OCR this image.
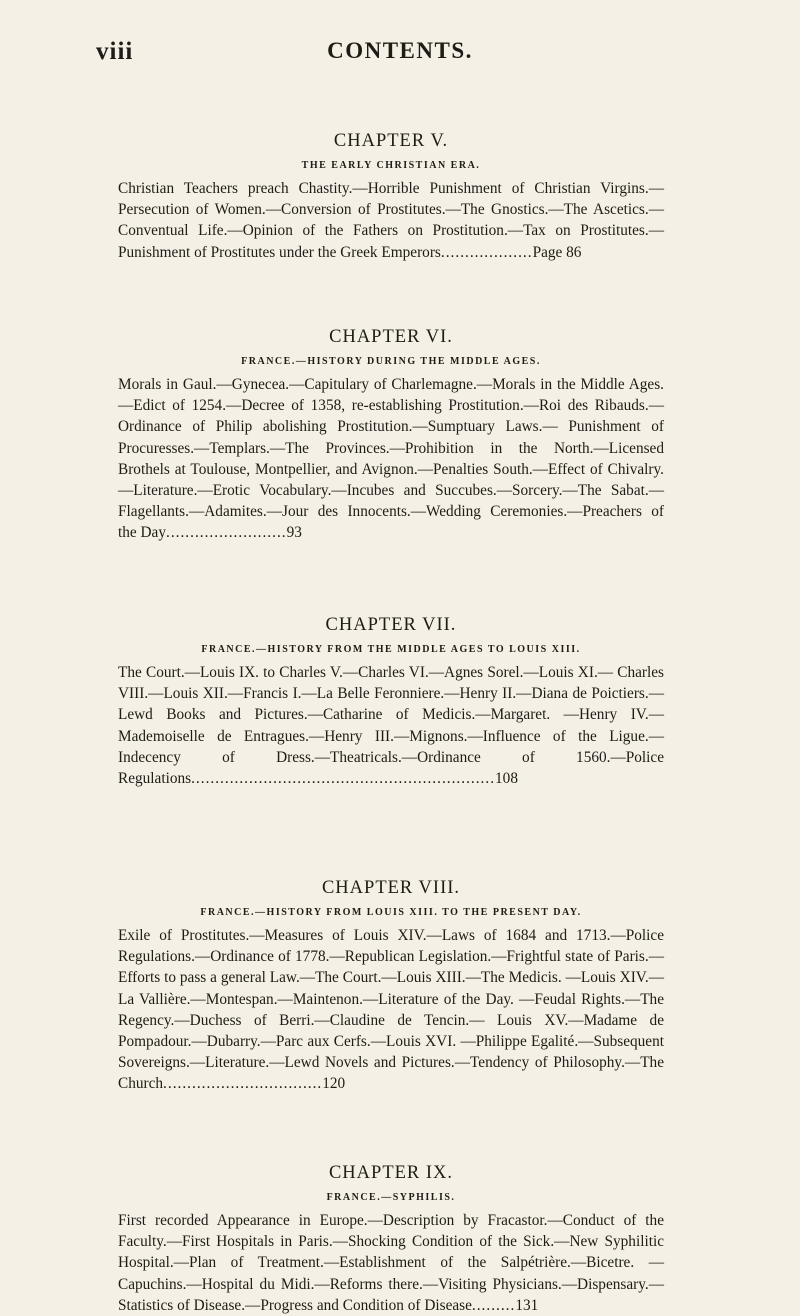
viii	CONTENTS.

CHAPTER V.

THE EARLY CHRISTIAN ERA.

Christian Teachers preach Chastity.—Horrible Punishment of Christian Virgins.— Persecution of Women.—Conversion of Prostitutes.—The Gnostics.—The Ascetics.—Conventual Life.—Opinion of the Fathers on Prostitution.—Tax on Prostitutes.—Punishment of Prostitutes under the Greek Emperors...................Page 86

CHAPTER VI.

FRANCE.—HISTORY DURING THE MIDDLE AGES.

Morals in Gaul.—Gynecea.—Capitulary of Charlemagne.—Morals in the Middle Ages.—Edict of 1254.—Decree of 1358, re-establishing Prostitution.—Roi des Ribauds.—Ordinance of Philip abolishing Prostitution.—Sumptuary Laws.— Punishment of Procuresses.—Templars.—The Provinces.—Prohibition in the North.—Licensed Brothels at Toulouse, Montpellier, and Avignon.—Penalties South.—Effect of Chivalry.—Literature.—Erotic Vocabulary.—Incubes and Succubes.—Sorcery.—The Sabat.—Flagellants.—Adamites.—Jour des Innocents.—Wedding Ceremonies.—Preachers of the Day.........................93

CHAPTER VII.

FRANCE.—HISTORY FROM THE MIDDLE AGES TO LOUIS XIII.

The Court.—Louis IX. to Charles V.—Charles VI.—Agnes Sorel.—Louis XI.— Charles VIII.—Louis XII.—Francis I.—La Belle Feronniere.—Henry II.—Diana de Poictiers.—Lewd Books and Pictures.—Catharine of Medicis.—Margaret. —Henry IV.—Mademoiselle de Entragues.—Henry III.—Mignons.—Influence of the Ligue.—Indecency of Dress.—Theatricals.—Ordinance of 1560.—Police Regulations...............................................................108

CHAPTER VIII.

FRANCE.—HISTORY FROM LOUIS XIII. TO THE PRESENT DAY.

Exile of Prostitutes.—Measures of Louis XIV.—Laws of 1684 and 1713.—Police Regulations.—Ordinance of 1778.—Republican Legislation.—Frightful state of Paris.—Efforts to pass a general Law.—The Court.—Louis XIII.—The Medicis. —Louis XIV.—La Vallière.—Montespan.—Maintenon.—Literature of the Day. —Feudal Rights.—The Regency.—Duchess of Berri.—Claudine de Tencin.— Louis XV.—Madame de Pompadour.—Dubarry.—Parc aux Cerfs.—Louis XVI. —Philippe Egalité.—Subsequent Sovereigns.—Literature.—Lewd Novels and Pictures.—Tendency of Philosophy.—The Church.................................120

CHAPTER IX.

FRANCE.—SYPHILIS.

First recorded Appearance in Europe.—Description by Fracastor.—Conduct of the Faculty.—First Hospitals in Paris.—Shocking Condition of the Sick.—New Syphilitic Hospital.—Plan of Treatment.—Establishment of the Salpétrière.—Bicetre. —Capuchins.—Hospital du Midi.—Reforms there.—Visiting Physicians.—Dispensary.—Statistics of Disease.—Progress and Condition of Disease.........131
